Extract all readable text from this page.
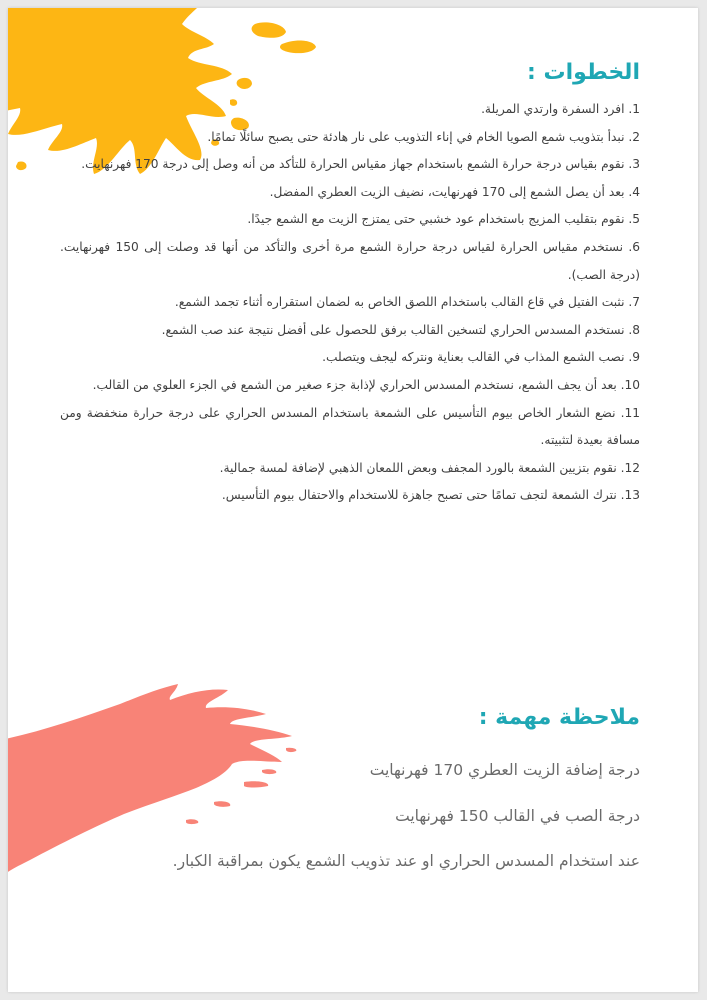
الخطوات :
1. افرد السفرة وارتدي المريلة.
2. نبدأ بتذويب شمع الصويا الخام في إناء التذويب على نار هادئة حتى يصبح سائلًا تمامًا.
3. نقوم بقياس درجة حرارة الشمع باستخدام جهاز مقياس الحرارة للتأكد من أنه وصل إلى درجة 170 فهرنهايت.
4. بعد أن يصل الشمع إلى 170 فهرنهايت، نضيف الزيت العطري المفضل.
5. نقوم بتقليب المزيج باستخدام عود خشبي حتى يمتزج الزيت مع الشمع جيدًا.
6. نستخدم مقياس الحرارة لقياس درجة حرارة الشمع مرة أخرى والتأكد من أنها قد وصلت إلى 150 فهرنهايت. (درجة الصب).
7. نثبت الفتيل في قاع القالب باستخدام اللصق الخاص به لضمان استقراره أثناء تجمد الشمع.
8. نستخدم المسدس الحراري لتسخين القالب برفق للحصول على أفضل نتيجة عند صب الشمع.
9. نصب الشمع المذاب في القالب بعناية ونتركه ليجف ويتصلب.
10. بعد أن يجف الشمع، نستخدم المسدس الحراري لإذابة جزء صغير من الشمع في الجزء العلوي من القالب.
11. نضع الشعار الخاص بيوم التأسيس على الشمعة باستخدام المسدس الحراري على درجة حرارة منخفضة ومن مسافة بعيدة لتثبيته.
12. نقوم بتزيين الشمعة بالورد المجفف وبعض اللمعان الذهبي لإضافة لمسة جمالية.
13. نترك الشمعة لتجف تمامًا حتى تصبح جاهزة للاستخدام والاحتفال بيوم التأسيس.
ملاحظة مهمة :
درجة إضافة الزيت العطري 170 فهرنهايت
درجة الصب في القالب 150 فهرنهايت
عند استخدام المسدس الحراري او عند تذويب الشمع يكون بمراقبة الكبار.
